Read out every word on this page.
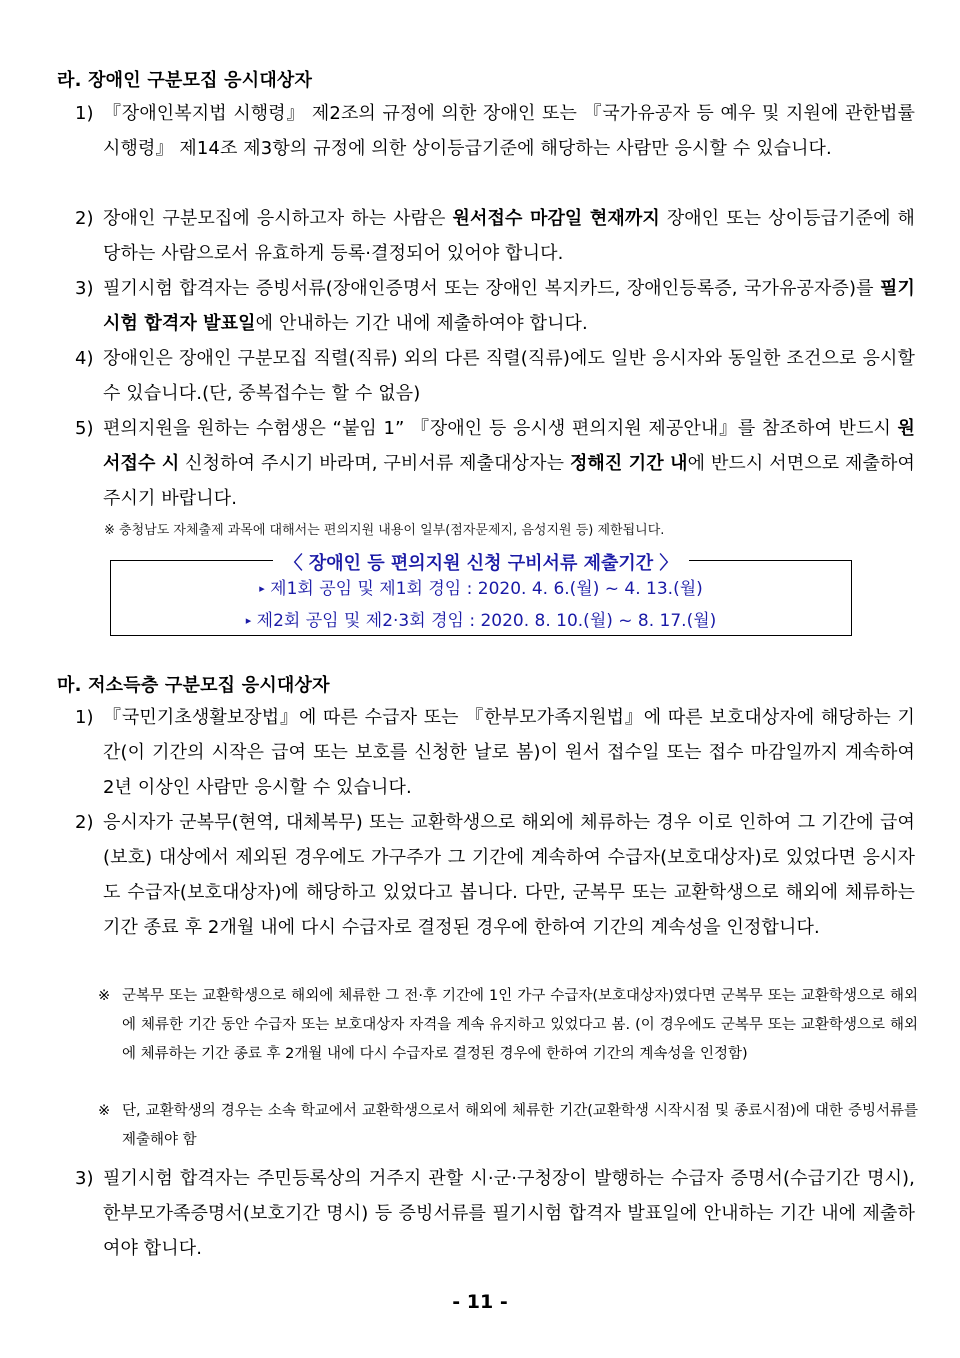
라. 장애인 구분모집 응시대상자
1) 『장애인복지법 시행령』 제2조의 규정에 의한 장애인 또는 『국가유공자 등 예우 및 지원에 관한법률 시행령』 제14조 제3항의 규정에 의한 상이등급기준에 해당하는 사람만 응시할 수 있습니다.
2) 장애인 구분모집에 응시하고자 하는 사람은 원서접수 마감일 현재까지 장애인 또는 상이등급기준에 해당하는 사람으로서 유효하게 등록·결정되어 있어야 합니다.
3) 필기시험 합격자는 증빙서류(장애인증명서 또는 장애인 복지카드, 장애인등록증, 국가유공자증)를 필기시험 합격자 발표일에 안내하는 기간 내에 제출하여야 합니다.
4) 장애인은 장애인 구분모집 직렬(직류) 외의 다른 직렬(직류)에도 일반 응시자와 동일한 조건으로 응시할 수 있습니다.(단, 중복접수는 할 수 없음)
5) 편의지원을 원하는 수험생은 “붙임 1” 『장애인 등 응시생 편의지원 제공안내』를 참조하여 반드시 원서접수 시 신청하여 주시기 바라며, 구비서류 제출대상자는 정해진 기간 내에 반드시 서면으로 제출하여 주시기 바랍니다.
※ 충청남도 자체출제 과목에 대해서는 편의지원 내용이 일부(점자문제지, 음성지원 등) 제한됩니다.
〈 장애인 등 편의지원 신청 구비서류 제출기간 〉
▸ 제1회 공임 및 제1회 경임 : 2020. 4. 6.(월) ~ 4. 13.(월)
▸ 제2회 공임 및 제2·3회 경임 : 2020. 8. 10.(월) ~ 8. 17.(월)
마. 저소득층 구분모집 응시대상자
1) 『국민기초생활보장법』에 따른 수급자 또는 『한부모가족지원법』에 따른 보호대상자에 해당하는 기간(이 기간의 시작은 급여 또는 보호를 신청한 날로 봄)이 원서 접수일 또는 접수 마감일까지 계속하여 2년 이상인 사람만 응시할 수 있습니다.
2) 응시자가 군복무(현역, 대체복무) 또는 교환학생으로 해외에 체류하는 경우 이로 인하여 그 기간에 급여(보호) 대상에서 제외된 경우에도 가구주가 그 기간에 계속하여 수급자(보호대상자)로 있었다면 응시자도 수급자(보호대상자)에 해당하고 있었다고 봅니다. 다만, 군복무 또는 교환학생으로 해외에 체류하는 기간 종료 후 2개월 내에 다시 수급자로 결정된 경우에 한하여 기간의 계속성을 인정합니다.
※ 군복무 또는 교환학생으로 해외에 체류한 그 전·후 기간에 1인 가구 수급자(보호대상자)였다면 군복무 또는 교환학생으로 해외에 체류한 기간 동안 수급자 또는 보호대상자 자격을 계속 유지하고 있었다고 봄. (이 경우에도 군복무 또는 교환학생으로 해외에 체류하는 기간 종료 후 2개월 내에 다시 수급자로 결정된 경우에 한하여 기간의 계속성을 인정함)
※ 단, 교환학생의 경우는 소속 학교에서 교환학생으로서 해외에 체류한 기간(교환학생 시작시점 및 종료시점)에 대한 증빙서류를 제출해야 함
3) 필기시험 합격자는 주민등록상의 거주지 관할 시·군·구청장이 발행하는 수급자 증명서(수급기간 명시), 한부모가족증명서(보호기간 명시) 등 증빙서류를 필기시험 합격자 발표일에 안내하는 기간 내에 제출하여야 합니다.
- 11 -
